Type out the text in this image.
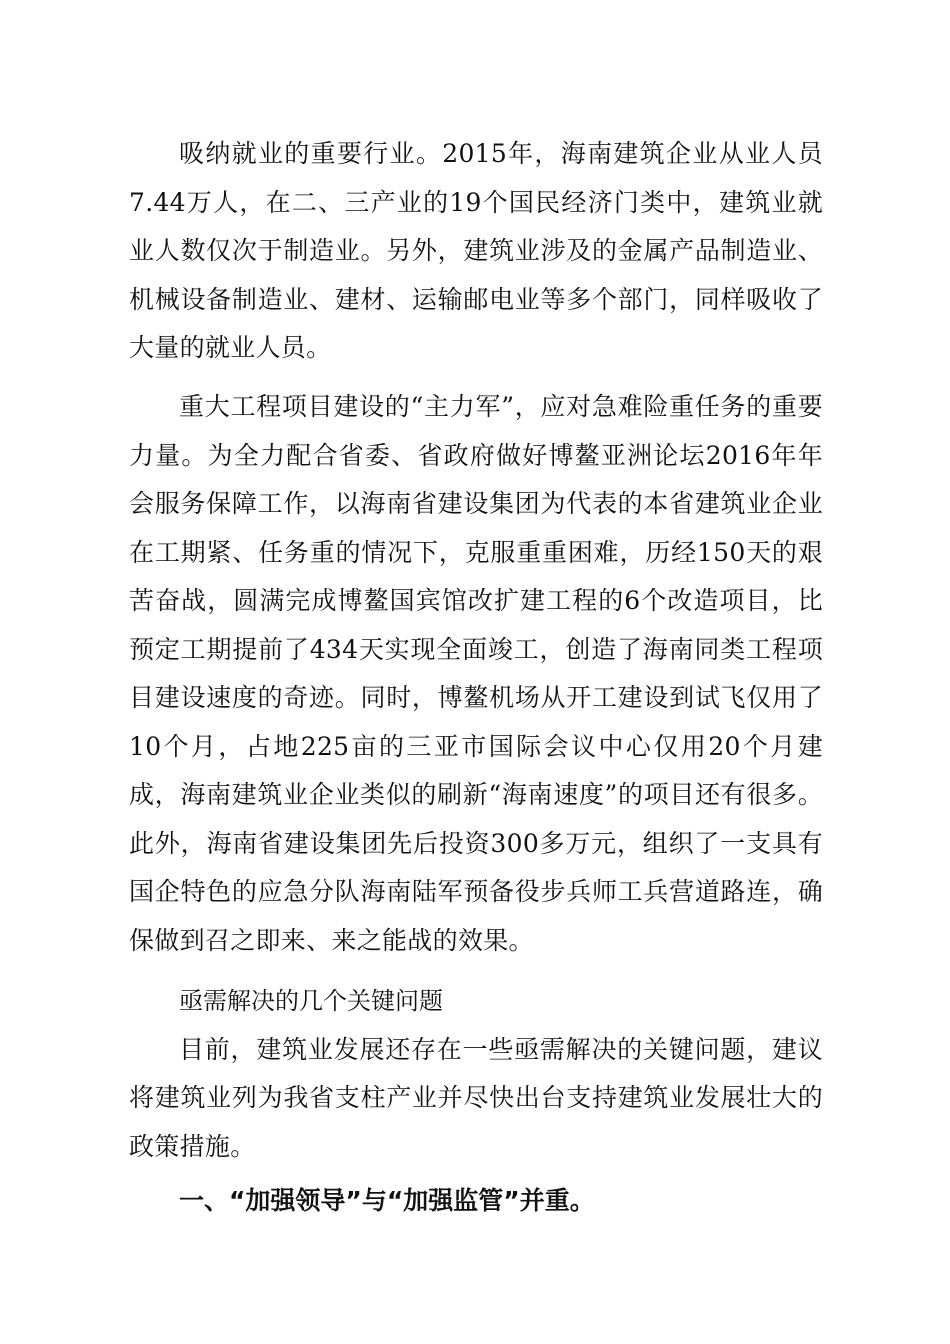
吸纳就业的重要行业。2015年，海南建筑企业从业人员7.44万人，在二、三产业的19个国民经济门类中，建筑业就业人数仅次于制造业。另外，建筑业涉及的金属产品制造业、机械设备制造业、建材、运输邮电业等多个部门，同样吸收了大量的就业人员。

重大工程项目建设的“主力军”，应对急难险重任务的重要力量。为全力配合省委、省政府做好博鳌亚洲论坛2016年年会服务保障工作，以海南省建设集团为代表的本省建筑业企业在工期紧、任务重的情况下，克服重重困难，历经150天的艰苦奋战，圆满完成博鳌国宾馆改扩建工程的6个改造项目，比预定工期提前了434天实现全面竣工，创造了海南同类工程项目建设速度的奇迹。同时，博鳌机场从开工建设到试飞仅用了10个月，占地225亩的三亚市国际会议中心仅用20个月建成，海南建筑业企业类似的刷新“海南速度”的项目还有很多。此外，海南省建设集团先后投资300多万元，组织了一支具有国企特色的应急分队海南陆军预备役步兵师工兵营道路连，确保做到召之即来、来之能战的效果。

亟需解决的几个关键问题

目前，建筑业发展还存在一些亟需解决的关键问题，建议将建筑业列为我省支柱产业并尽快出台支持建筑业发展壮大的政策措施。

一、“加强领导”与“加强监管”并重。
